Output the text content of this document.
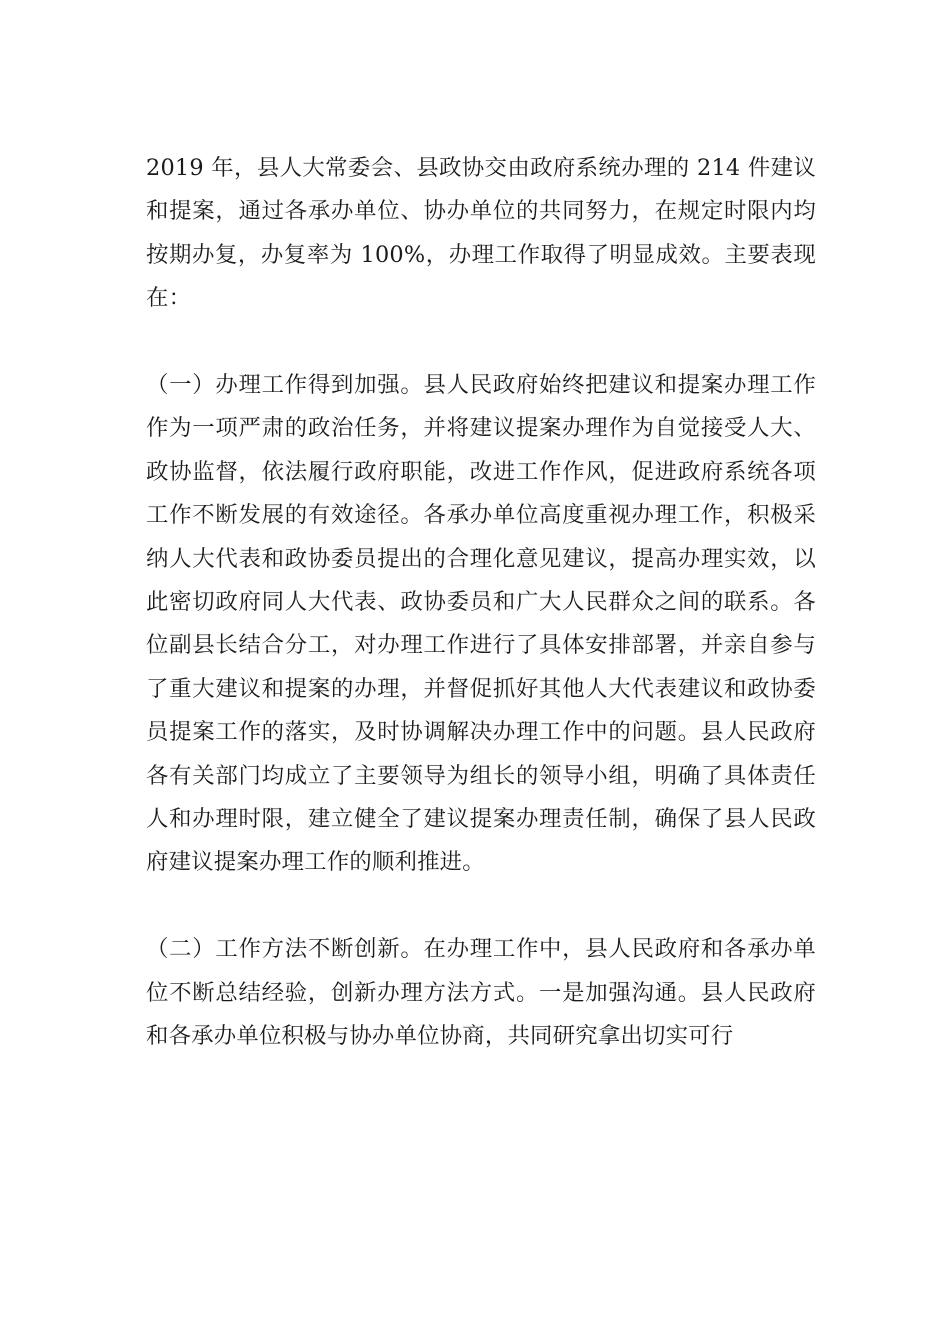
2019 年，县人大常委会、县政协交由政府系统办理的 214 件建议和提案，通过各承办单位、协办单位的共同努力，在规定时限内均按期办复，办复率为 100%，办理工作取得了明显成效。主要表现在：

（一）办理工作得到加强。县人民政府始终把建议和提案办理工作作为一项严肃的政治任务，并将建议提案办理作为自觉接受人大、政协监督，依法履行政府职能，改进工作作风，促进政府系统各项工作不断发展的有效途径。各承办单位高度重视办理工作，积极采纳人大代表和政协委员提出的合理化意见建议，提高办理实效，以此密切政府同人大代表、政协委员和广大人民群众之间的联系。各位副县长结合分工，对办理工作进行了具体安排部署，并亲自参与了重大建议和提案的办理，并督促抓好其他人大代表建议和政协委员提案工作的落实，及时协调解决办理工作中的问题。县人民政府各有关部门均成立了主要领导为组长的领导小组，明确了具体责任人和办理时限，建立健全了建议提案办理责任制，确保了县人民政府建议提案办理工作的顺利推进。

（二）工作方法不断创新。在办理工作中，县人民政府和各承办单位不断总结经验，创新办理方法方式。一是加强沟通。县人民政府和各承办单位积极与协办单位协商，共同研究拿出切实可行
